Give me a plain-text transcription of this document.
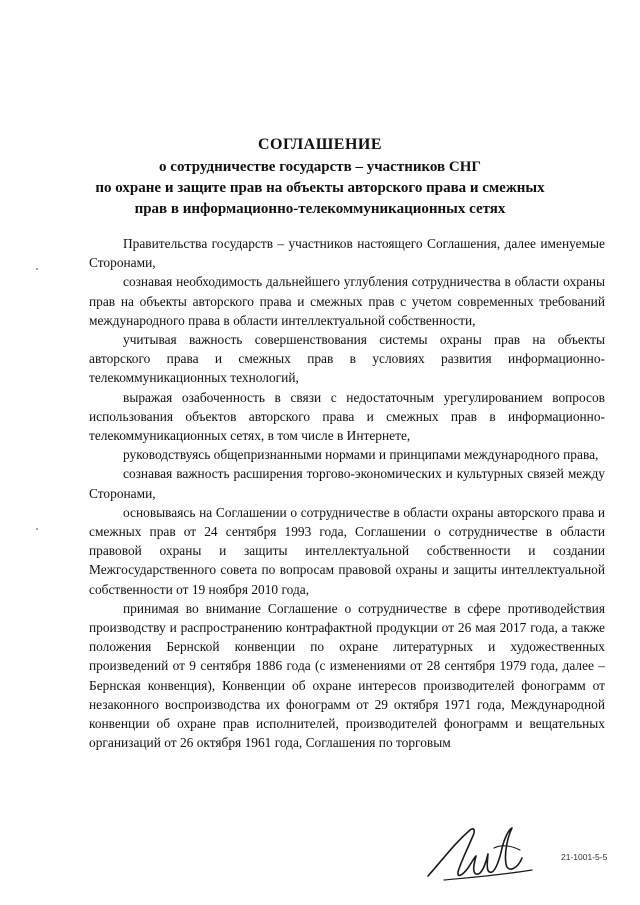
СОГЛАШЕНИЕ
о сотрудничестве государств – участников СНГ
по охране и защите прав на объекты авторского права и смежных
прав в информационно-телекоммуникационных сетях

Правительства государств – участников настоящего Соглашения, далее именуемые Сторонами,

сознавая необходимость дальнейшего углубления сотрудничества в области охраны прав на объекты авторского права и смежных прав с учетом современных требований международного права в области интеллектуальной собственности,

учитывая важность совершенствования системы охраны прав на объекты авторского права и смежных прав в условиях развития информационно-телекоммуникационных технологий,

выражая озабоченность в связи с недостаточным урегулированием вопросов использования объектов авторского права и смежных прав в информационно-телекоммуникационных сетях, в том числе в Интернете,

руководствуясь общепризнанными нормами и принципами международного права,

сознавая важность расширения торгово-экономических и культурных связей между Сторонами,

основываясь на Соглашении о сотрудничестве в области охраны авторского права и смежных прав от 24 сентября 1993 года, Соглашении о сотрудничестве в области правовой охраны и защиты интеллектуальной собственности и создании Межгосударственного совета по вопросам правовой охраны и защиты интеллектуальной собственности от 19 ноября 2010 года,

принимая во внимание Соглашение о сотрудничестве в сфере противодействия производству и распространению контрафактной продукции от 26 мая 2017 года, а также положения Бернской конвенции по охране литературных и художественных произведений от 9 сентября 1886 года (с изменениями от 28 сентября 1979 года, далее – Бернская конвенция), Конвенции об охране интересов производителей фонограмм от незаконного воспроизводства их фонограмм от 29 октября 1971 года, Международной конвенции об охране прав исполнителей, производителей фонограмм и вещательных организаций от 26 октября 1961 года, Соглашения по торговым

21-1001-5-5
